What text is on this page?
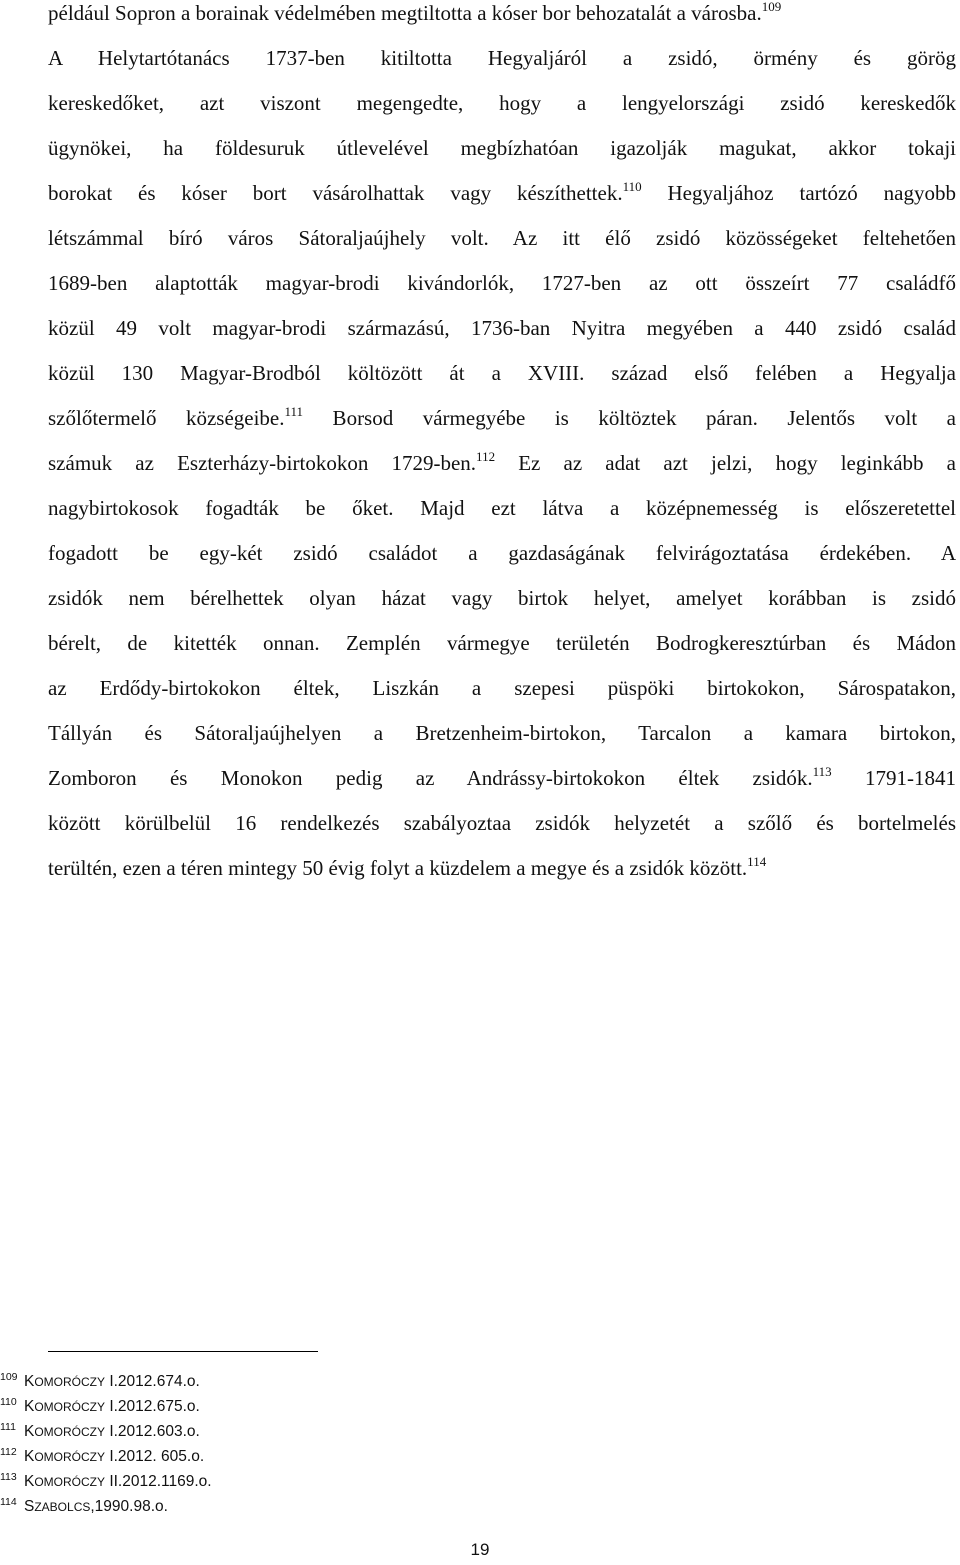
például Sopron a borainak védelmében megtiltotta a kóser bor behozatalát a városba.$^{109}$
A Helytartótanács 1737-ben kitiltotta Hegyaljáról a zsidó, örmény és görög
kereskedőket, azt viszont megengedte, hogy a lengyelországi zsidó kereskedők
ügynökei, ha földesuruk útlevelével megbízhatóan igazolják magukat, akkor tokaji
borokat és kóser bort vásárolhattak vagy készíthettek.$^{110}$ Hegyaljához tartózó nagyobb
létszámmal bíró város Sátoraljaújhely volt. Az itt élő zsidó közösségeket feltehetően
1689-ben alaptották magyar-brodi kivándorlók, 1727-ben az ott összeírt 77 családfő
közül 49 volt magyar-brodi származású, 1736-ban Nyitra megyében a 440 zsidó család
közül 130 Magyar-Brodból költözött át a XVIII. század első felében a Hegyalja
szőlőtermelő községeibe.$^{111}$ Borsod vármegyébe is költöztek páran. Jelentős volt a
számuk az Eszterházy-birtokokon 1729-ben.$^{112}$ Ez az adat azt jelzi, hogy leginkább a
nagybirtokosok fogadták be őket. Majd ezt látva a középnemesség is előszeretettel
fogadott be egy-két zsidó családot a gazdaságának felvirágoztatása érdekében. A
zsidók nem bérelhettek olyan házat vagy birtok helyet, amelyet korábban is zsidó
bérelt, de kitették onnan. Zemplén vármegye területén Bodrogkeresztúrban és Mádon
az Erdődy-birtokokon éltek, Liszkán a szepesi püspöki birtokokon, Sárospatakon,
Tállyán és Sátoraljaújhelyen a Bretzenheim-birtokon, Tarcalon a kamara birtokon,
Zomboron és Monokon pedig az Andrássy-birtokokon éltek zsidók.$^{113}$ 1791-1841
között körülbelül 16 rendelkezés szabályoztaa zsidók helyzetét a szőlő és bortelmelés
terültén, ezen a téren mintegy 50 évig folyt a küzdelem a megye és a zsidók között.$^{114}$
109 KOMORÓCZY I.2012.674.o.
110 KOMORÓCZY I.2012.675.o.
111 KOMORÓCZY I.2012.603.o.
112 KOMORÓCZY I.2012. 605.o.
113 KOMORÓCZY II.2012.1169.o.
114 SZABOLCS,1990.98.o.
19
